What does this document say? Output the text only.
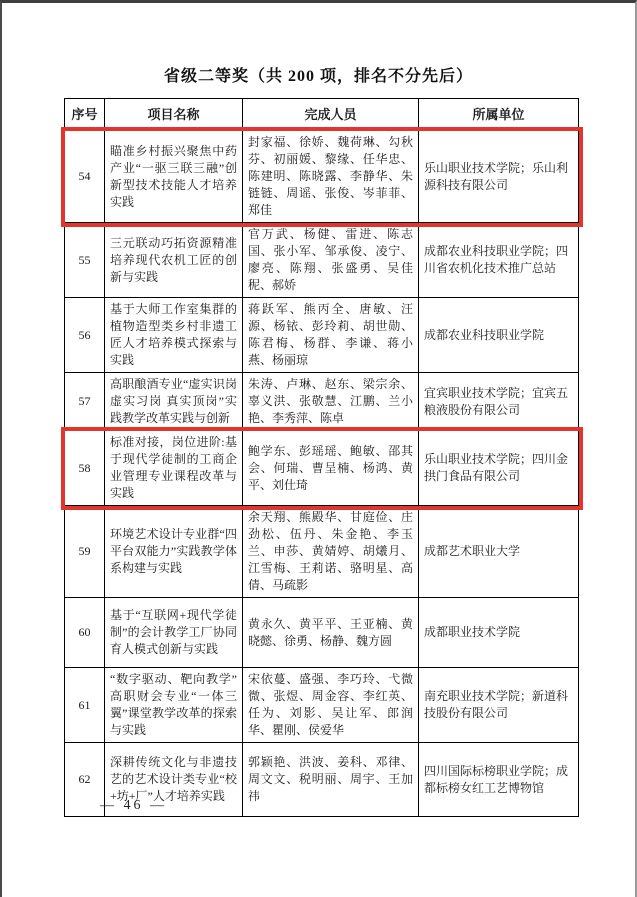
省级二等奖（共 200 项，排名不分先后）
序号	项目名称	完成人员	所属单位
54	瞄准乡村振兴聚焦中药产业“一驱三联三融”创新型技术技能人才培养实践	封家福、徐娇、魏荷琳、勾秋芬、初丽媛、黎缘、任华忠、陈建明、陈晓露、李静华、朱链链、周谣、张俊、岑菲菲、郑佳	乐山职业技术学院；乐山利源科技有限公司
55	三元联动巧拓资源精准培养现代农机工匠的创新与实践	官万武、杨健、雷进、陈志国、张小军、邹承俊、凌宁、廖亮、陈翔、张盛勇、吴佳秜、郝娇	成都农业科技职业学院；四川省农机化技术推广总站
56	基于大师工作室集群的植物造型类乡村非遗工匠人才培养模式探索与实践	蒋跃军、熊丙全、唐敏、汪源、杨铱、彭玲莉、胡世勋、陈君梅、杨群、李谦、蒋小燕、杨丽琼	成都农业科技职业学院
57	高职酿酒专业“虚实识岗 虚实习岗 真实顶岗”实践教学改革实践与创新	朱涛、卢琳、赵东、梁宗余、辜义洪、张敬慧、江鹏、兰小艳、李秀萍、陈卓	宜宾职业技术学院；宜宾五粮液股份有限公司
58	标准对接，岗位进阶:基于现代学徒制的工商企业管理专业课程改革与实践	鲍学东、彭瑶瑶、鲍敏、邵其会、何瑞、曹呈楠、杨鸿、黄平、刘仕琦	乐山职业技术学院；四川金拱门食品有限公司
59	环境艺术设计专业群“四平台双能力”实践教学体系构建与实践	余天翔、熊殿华、甘庭俭、庄劲松、伍丹、朱金艳、李玉兰、申莎、黄婧婷、胡爔月、江雪梅、王莉诺、骆明星、高倩、马疏影	成都艺术职业大学
60	基于“互联网+现代学徒制”的会计教学工厂协同育人模式创新与实践	黄永久、黄平平、王亚楠、黄晓懿、徐勇、杨静、魏方圆	成都职业技术学院
61	“数字驱动、靶向教学”高职财会专业“一体三翼”课堂教学改革的探索与实践	宋依蔓、盛强、李巧玲、弋微微、张煜、周金容、李红英、任为、刘影、吴让军、郎润华、瞿刚、侯爱华	南充职业技术学院；新道科技股份有限公司
62	深耕传统文化与非遗技艺的艺术设计类专业“校+坊+厂”人才培养实践	郭颖艳、洪波、姜科、邓律、周文文、税明丽、周宇、王加祎	四川国际标榜职业学院；成都标榜女红工艺博物馆
— 46 —
